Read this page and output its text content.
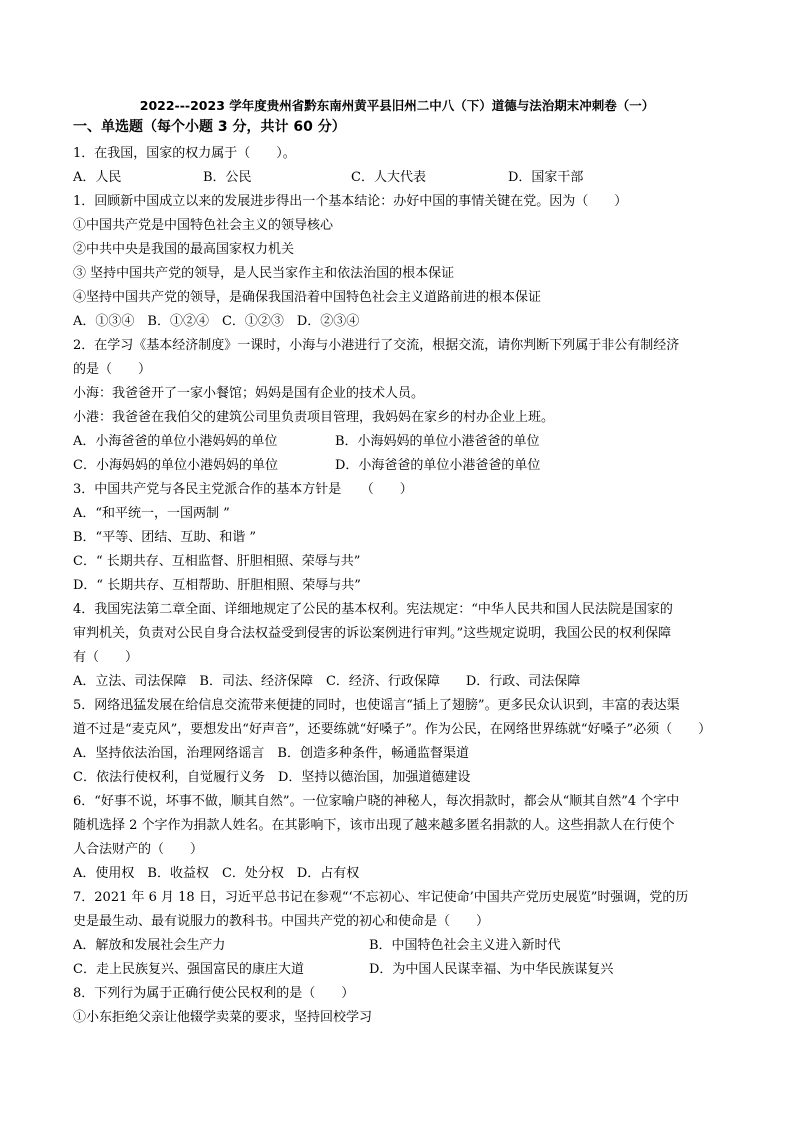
2022---2023 学年度贵州省黔东南州黄平县旧州二中八（下）道德与法治期末冲刺卷（一）
一、单选题（每个小题 3 分，共计 60 分）
1．在我国，国家的权力属于（　　）。
A．人民	B．公民	C．人大代表	D．国家干部
1．回顾新中国成立以来的发展进步得出一个基本结论：办好中国的事情关键在党。因为（　　）
①中国共产党是中国特色社会主义的领导核心
②中共中央是我国的最高国家权力机关
③ 坚持中国共产党的领导，是人民当家作主和依法治国的根本保证
④坚持中国共产党的领导，是确保我国沿着中国特色社会主义道路前进的根本保证
A．①③④　B．①②④　C．①②③　D．②③④
2．在学习《基本经济制度》一课时，小海与小港进行了交流，根据交流，请你判断下列属于非公有制经济
的是（　　）
小海：我爸爸开了一家小餐馆；妈妈是国有企业的技术人员。
小港：我爸爸在我伯父的建筑公司里负责项目管理，我妈妈在家乡的村办企业上班。
A．小海爸爸的单位小港妈妈的单位	B．小海妈妈的单位小港爸爸的单位
C．小海妈妈的单位小港妈妈的单位	D．小海爸爸的单位小港爸爸的单位
3．中国共产党与各民主党派合作的基本方针是　　（　　）
A．“和平统一，一国两制 ”
B．“平等、团结、互助、和谐 ”
C．“ 长期共存、互相监督、肝胆相照、荣辱与共”
D．“ 长期共存、互相帮助、肝胆相照、荣辱与共”
4．我国宪法第二章全面、详细地规定了公民的基本权利。宪法规定：“中华人民共和国人民法院是国家的
审判机关，负责对公民自身合法权益受到侵害的诉讼案例进行审判。”这些规定说明，我国公民的权利保障
有（　　）
A．立法、司法保障　B．司法、经济保障　C．经济、行政保障　　D．行政、司法保障
5．网络迅猛发展在给信息交流带来便捷的同时，也使谣言“插上了翅膀”。更多民众认识到，丰富的表达渠
道不过是“麦克风”，要想发出“好声音”，还要练就“好嗓子”。作为公民，在网络世界练就“好嗓子”必须（　　）
A．坚持依法治国，治理网络谣言　B．创造多种条件，畅通监督渠道
C．依法行使权利，自觉履行义务　D．坚持以德治国，加强道德建设
6．“好事不说，坏事不做，顺其自然”。一位家喻户晓的神秘人，每次捐款时，都会从“顺其自然”4 个字中
随机选择 2 个字作为捐款人姓名。在其影响下，该市出现了越来越多匿名捐款的人。这些捐款人在行使个
人合法财产的（　　）
A．使用权　B．收益权　C．处分权　D．占有权
7．2021 年 6 月 18 日，习近平总书记在参观“‘不忘初心、牢记使命’中国共产党历史展览”时强调，党的历
史是最生动、最有说服力的教科书。中国共产党的初心和使命是（　　）
A．解放和发展社会生产力	B．中国特色社会主义进入新时代
C．走上民族复兴、强国富民的康庄大道	D．为中国人民谋幸福、为中华民族谋复兴
8．下列行为属于正确行使公民权利的是（　　）
①小东拒绝父亲让他辍学卖菜的要求，坚持回校学习
